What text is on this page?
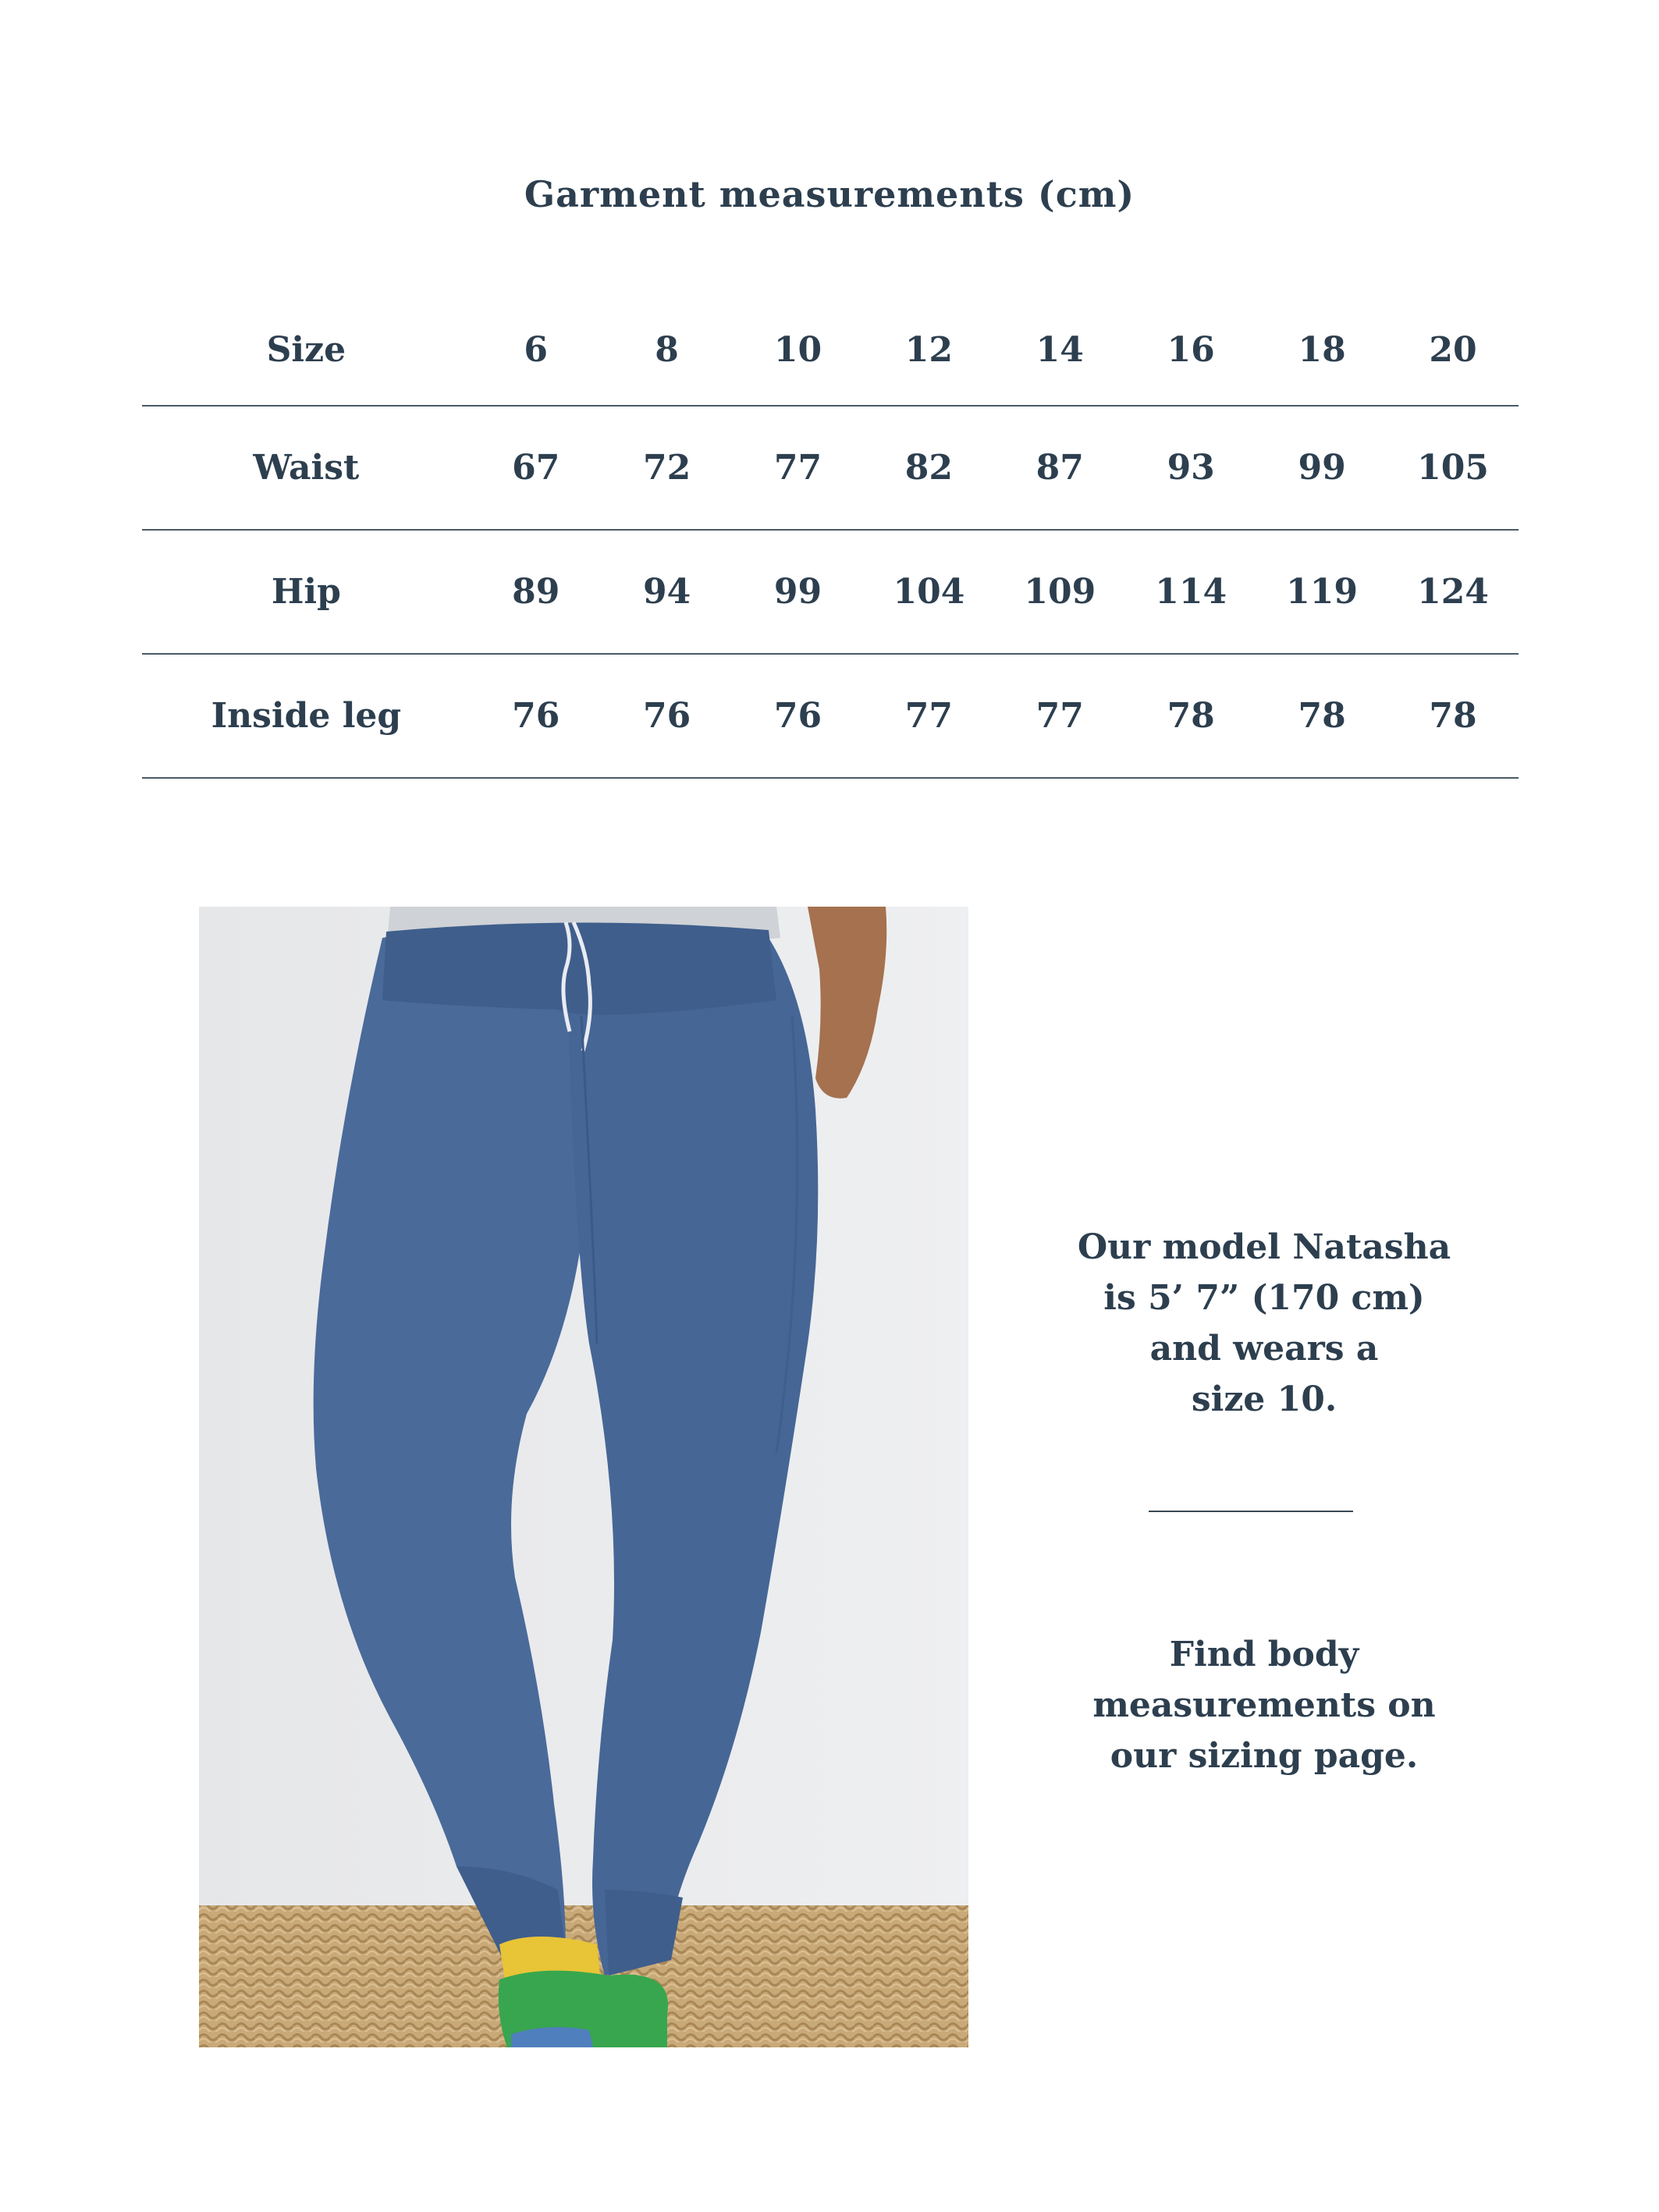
Garment measurements (cm)
Size	6	8	10	12	14	16	18	20
Waist	67	72	77	82	87	93	99	105
Hip	89	94	99	104	109	114	119	124
Inside leg	76	76	76	77	77	78	78	78
Our model Natasha
is 5’ 7” (170 cm)
and wears a
size 10.
Find body
measurements on
our sizing page.
